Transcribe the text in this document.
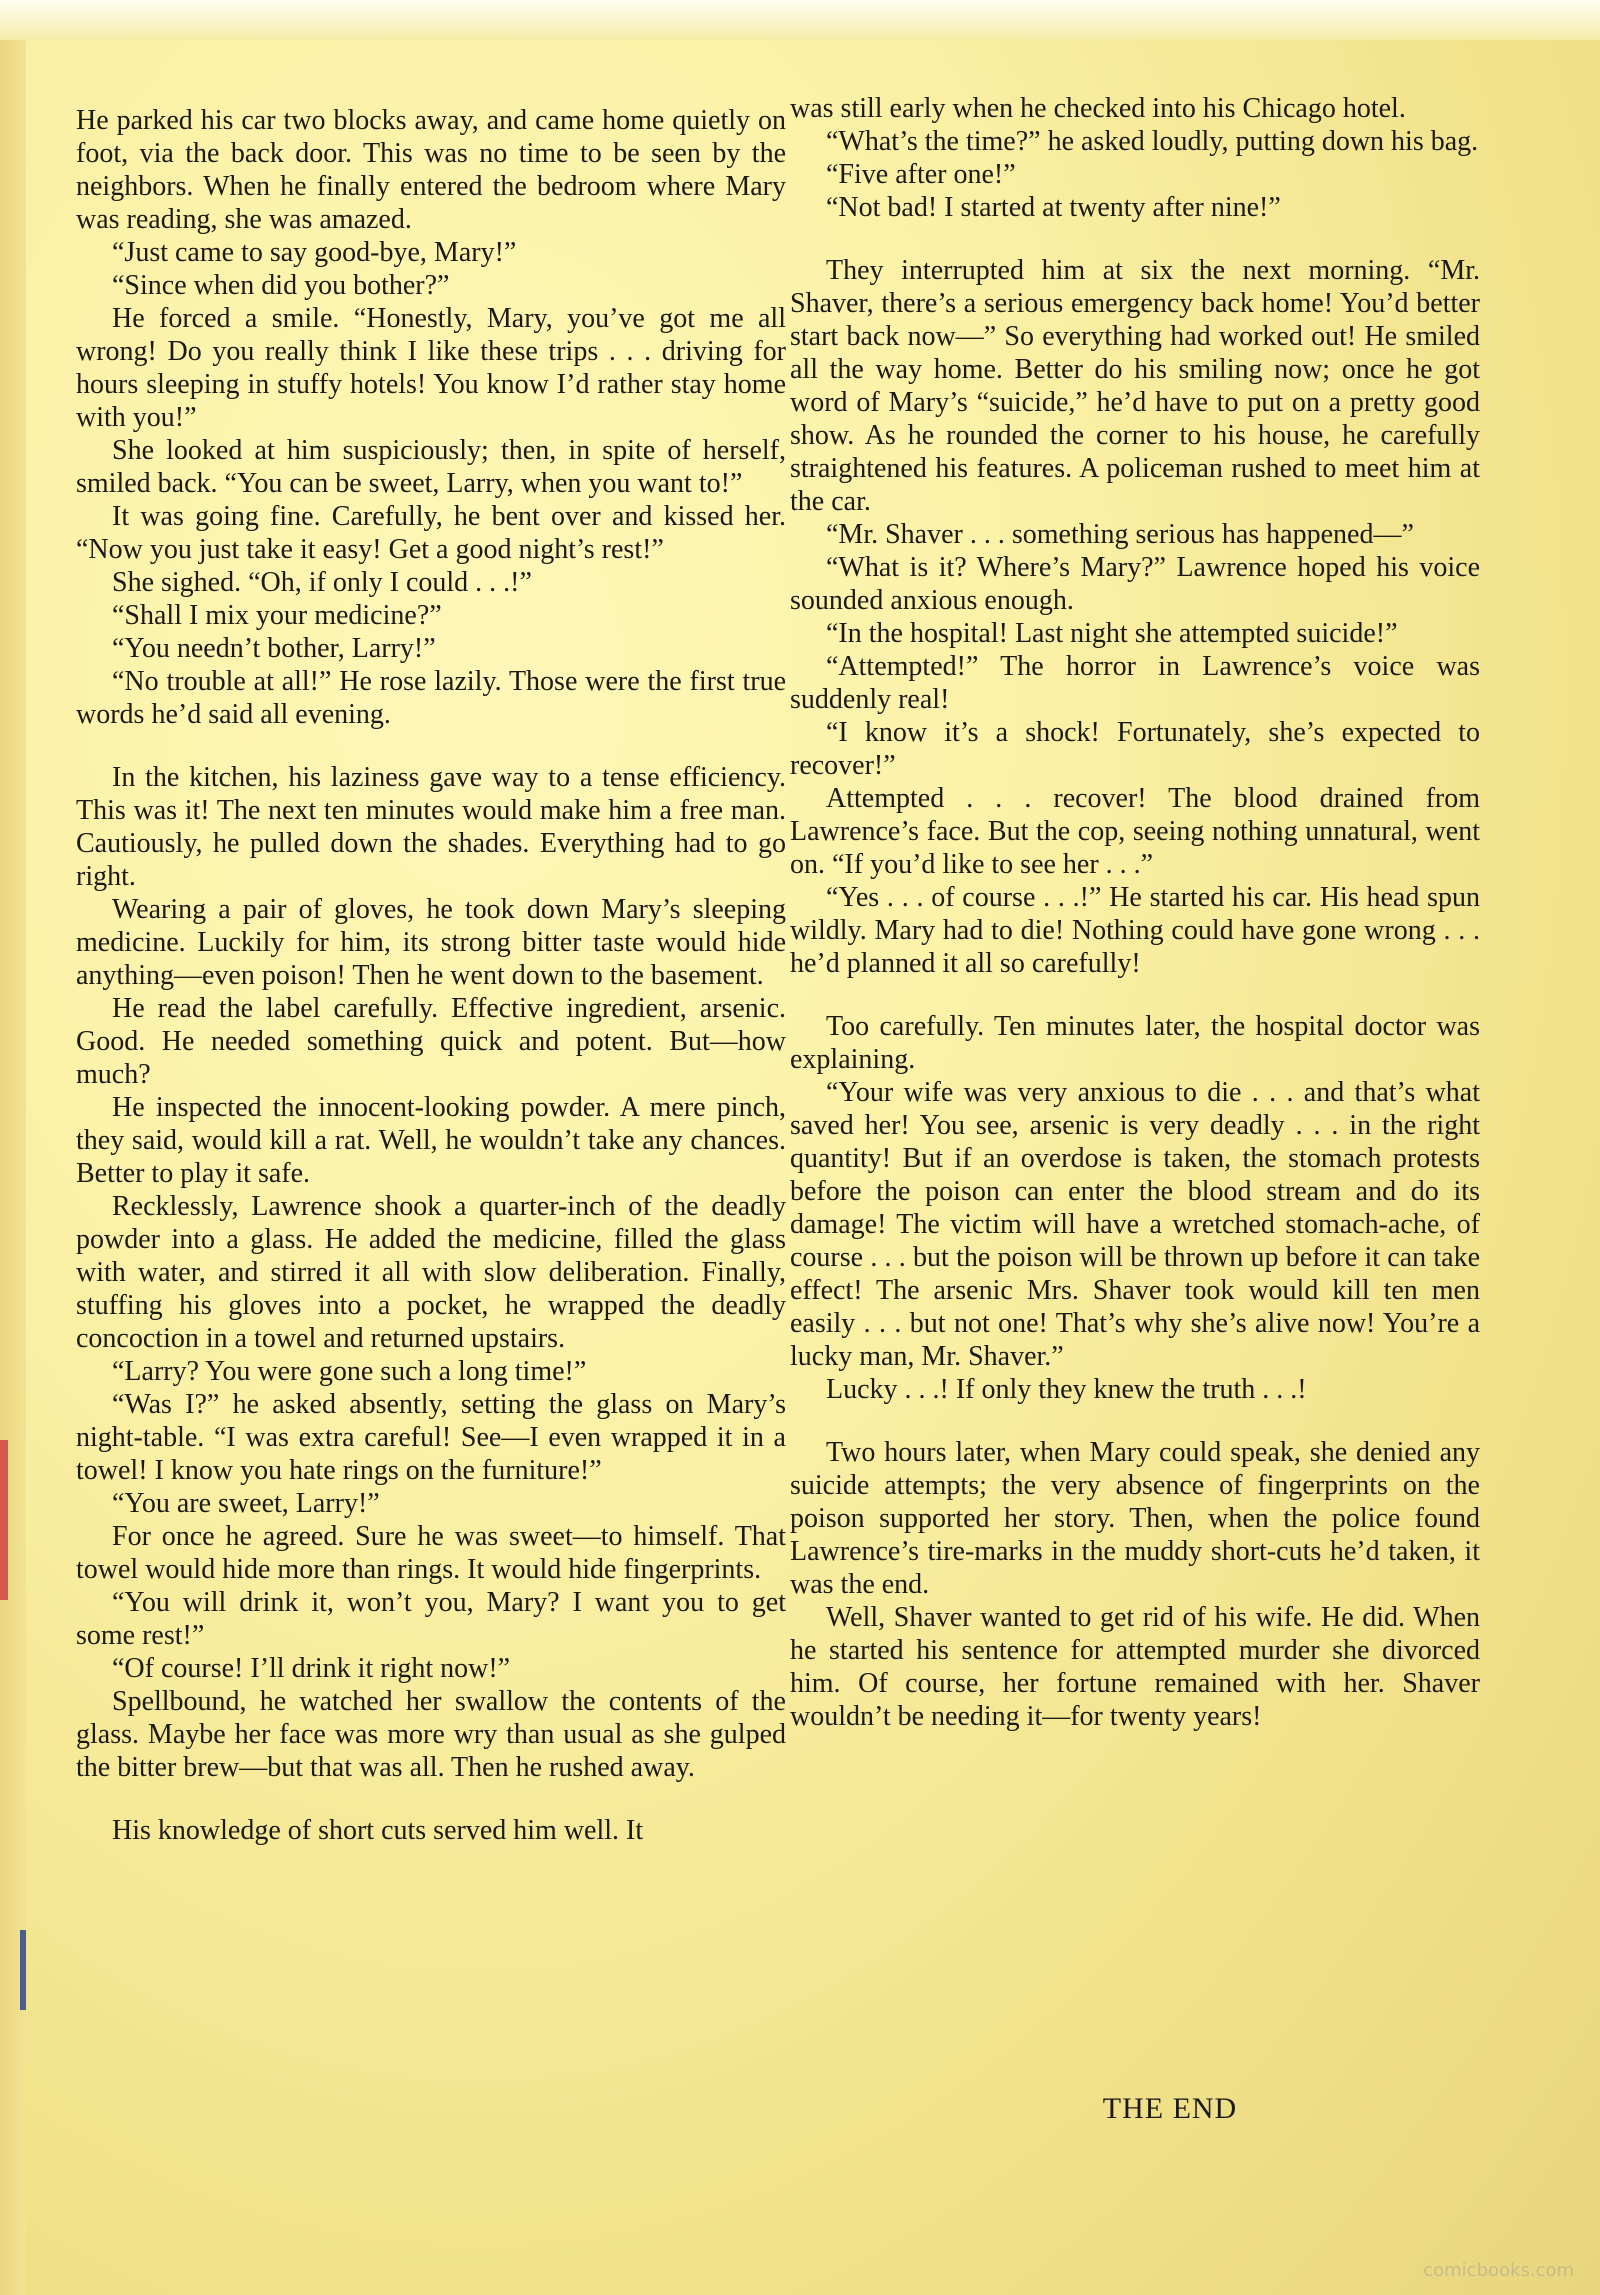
He parked his car two blocks away, and came home quietly on foot, via the back door. This was no time to be seen by the neighbors. When he finally entered the bedroom where Mary was reading, she was amazed.

“Just came to say good-bye, Mary!”

“Since when did you bother?”

He forced a smile. “Honestly, Mary, you’ve got me all wrong! Do you really think I like these trips . . . driving for hours sleeping in stuffy hotels! You know I’d rather stay home with you!”

She looked at him suspiciously; then, in spite of herself, smiled back. “You can be sweet, Larry, when you want to!”

It was going fine. Carefully, he bent over and kissed her. “Now you just take it easy! Get a good night’s rest!”

She sighed. “Oh, if only I could . . .!”

“Shall I mix your medicine?”

“You needn’t bother, Larry!”

“No trouble at all!” He rose lazily. Those were the first true words he’d said all evening.

In the kitchen, his laziness gave way to a tense efficiency. This was it! The next ten minutes would make him a free man. Cautiously, he pulled down the shades. Everything had to go right.

Wearing a pair of gloves, he took down Mary’s sleeping medicine. Luckily for him, its strong bitter taste would hide anything—even poison! Then he went down to the basement.

He read the label carefully. Effective ingredient, arsenic. Good. He needed something quick and potent. But—how much?

He inspected the innocent-looking powder. A mere pinch, they said, would kill a rat. Well, he wouldn’t take any chances. Better to play it safe.

Recklessly, Lawrence shook a quarter-inch of the deadly powder into a glass. He added the medicine, filled the glass with water, and stirred it all with slow deliberation. Finally, stuffing his gloves into a pocket, he wrapped the deadly concoction in a towel and returned upstairs.

“Larry? You were gone such a long time!”

“Was I?” he asked absently, setting the glass on Mary’s night-table. “I was extra careful! See—I even wrapped it in a towel! I know you hate rings on the furniture!”

“You are sweet, Larry!”

For once he agreed. Sure he was sweet—to himself. That towel would hide more than rings. It would hide fingerprints.

“You will drink it, won’t you, Mary? I want you to get some rest!”

“Of course! I’ll drink it right now!”

Spellbound, he watched her swallow the contents of the glass. Maybe her face was more wry than usual as she gulped the bitter brew—but that was all. Then he rushed away.

His knowledge of short cuts served him well. It

was still early when he checked into his Chicago hotel.

“What’s the time?” he asked loudly, putting down his bag.

“Five after one!”

“Not bad! I started at twenty after nine!”

They interrupted him at six the next morning. “Mr. Shaver, there’s a serious emergency back home! You’d better start back now—” So everything had worked out! He smiled all the way home. Better do his smiling now; once he got word of Mary’s “suicide,” he’d have to put on a pretty good show. As he rounded the corner to his house, he carefully straightened his features. A policeman rushed to meet him at the car.

“Mr. Shaver . . . something serious has happened—”

“What is it? Where’s Mary?” Lawrence hoped his voice sounded anxious enough.

“In the hospital! Last night she attempted suicide!”

“Attempted!” The horror in Lawrence’s voice was suddenly real!

“I know it’s a shock! Fortunately, she’s expected to recover!”

Attempted . . . recover! The blood drained from Lawrence’s face. But the cop, seeing nothing unnatural, went on. “If you’d like to see her . . .”

“Yes . . . of course . . .!” He started his car. His head spun wildly. Mary had to die! Nothing could have gone wrong . . . he’d planned it all so carefully!

Too carefully. Ten minutes later, the hospital doctor was explaining.

“Your wife was very anxious to die . . . and that’s what saved her! You see, arsenic is very deadly . . . in the right quantity! But if an overdose is taken, the stomach protests before the poison can enter the blood stream and do its damage! The victim will have a wretched stomach-ache, of course . . . but the poison will be thrown up before it can take effect! The arsenic Mrs. Shaver took would kill ten men easily . . . but not one! That’s why she’s alive now! You’re a lucky man, Mr. Shaver.”

Lucky . . .! If only they knew the truth . . .!

Two hours later, when Mary could speak, she denied any suicide attempts; the very absence of fingerprints on the poison supported her story. Then, when the police found Lawrence’s tire-marks in the muddy short-cuts he’d taken, it was the end.

Well, Shaver wanted to get rid of his wife. He did. When he started his sentence for attempted murder she divorced him. Of course, her fortune remained with her. Shaver wouldn’t be needing it—for twenty years!

THE END
comicbooks.com
